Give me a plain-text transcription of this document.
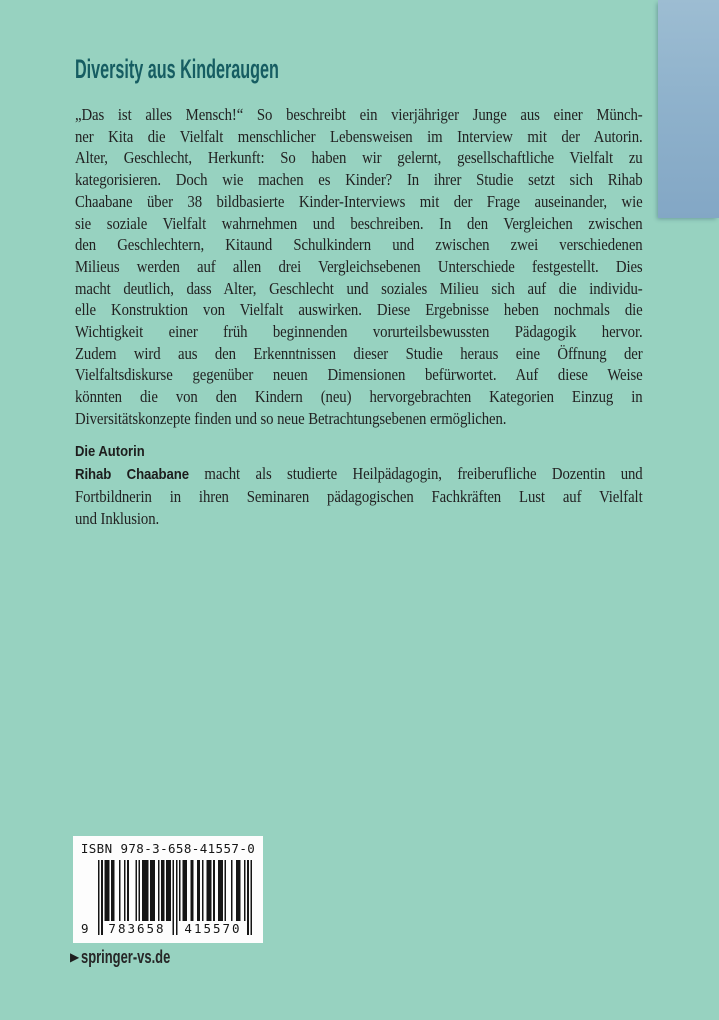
Diversity aus Kinderaugen
„Das ist alles Mensch!“ So beschreibt ein vierjähriger Junge aus einer Münch-
ner Kita die Vielfalt menschlicher Lebensweisen im Interview mit der Autorin.
Alter, Geschlecht, Herkunft: So haben wir gelernt, gesellschaftliche Vielfalt zu
kategorisieren. Doch wie machen es Kinder? In ihrer Studie setzt sich Rihab
Chaabane über 38 bildbasierte Kinder-Interviews mit der Frage auseinander, wie
sie soziale Vielfalt wahrnehmen und beschreiben. In den Vergleichen zwischen
den Geschlechtern, Kitaund Schulkindern und zwischen zwei verschiedenen
Milieus werden auf allen drei Vergleichsebenen Unterschiede festgestellt. Dies
macht deutlich, dass Alter, Geschlecht und soziales Milieu sich auf die individu-
elle Konstruktion von Vielfalt auswirken. Diese Ergebnisse heben nochmals die
Wichtigkeit einer früh beginnenden vorurteilsbewussten Pädagogik hervor.
Zudem wird aus den Erkenntnissen dieser Studie heraus eine Öffnung der
Vielfaltsdiskurse gegenüber neuen Dimensionen befürwortet. Auf diese Weise
könnten die von den Kindern (neu) hervorgebrachten Kategorien Einzug in
Diversitätskonzepte finden und so neue Betrachtungsebenen ermöglichen.
Die Autorin
Rihab Chaabane macht als studierte Heilpädagogin, freiberufliche Dozentin und
Fortbildnerin in ihren Seminaren pädagogischen Fachkräften Lust auf Vielfalt
und Inklusion.
ISBN 978-3-658-41557-0
9	783658	415570
▶ springer-vs.de
